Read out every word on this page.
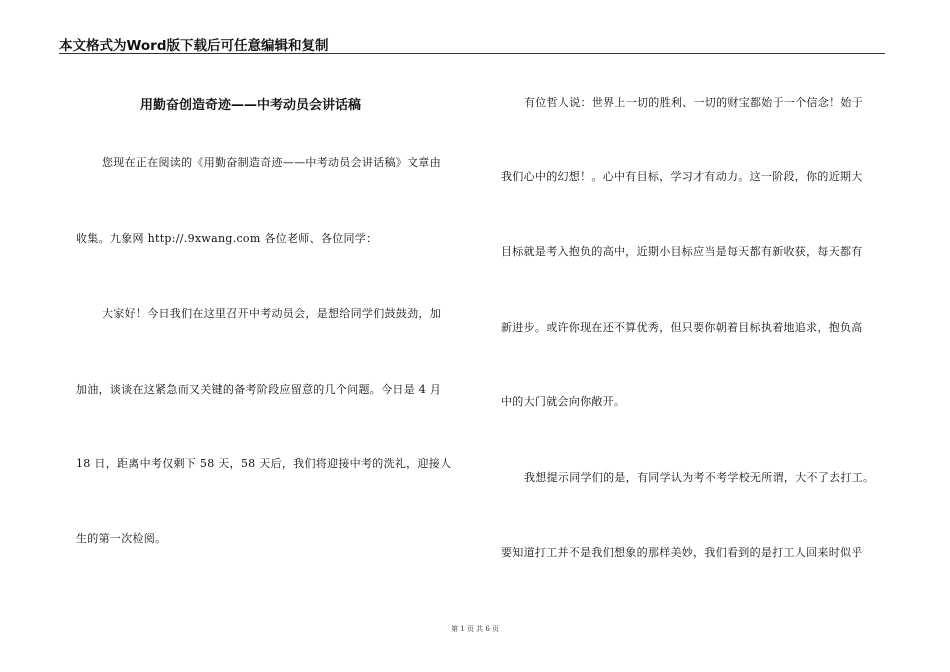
本文格式为Word版下载后可任意编辑和复制
用勤奋创造奇迹——中考动员会讲话稿
您现在正在阅读的《用勤奋制造奇迹——中考动员会讲话稿》文章由
收集。九象网 http://.9xwang.com 各位老师、各位同学：
大家好！今日我们在这里召开中考动员会，是想给同学们鼓鼓劲，加
加油，谈谈在这紧急而又关键的备考阶段应留意的几个问题。今日是 4 月
18 日，距离中考仅剩下 58 天，58 天后，我们将迎接中考的洗礼，迎接人
生的第一次检阅。
有位哲人说：世界上一切的胜利、一切的财宝都始于一个信念！始于
我们心中的幻想！。心中有目标，学习才有动力。这一阶段，你的近期大
目标就是考入抱负的高中，近期小目标应当是每天都有新收获，每天都有
新进步。或许你现在还不算优秀，但只要你朝着目标执着地追求，抱负高
中的大门就会向你敞开。
我想提示同学们的是，有同学认为考不考学校无所谓，大不了去打工。
要知道打工并不是我们想象的那样美妙，我们看到的是打工人回来时似乎
第 1 页 共 6 页
